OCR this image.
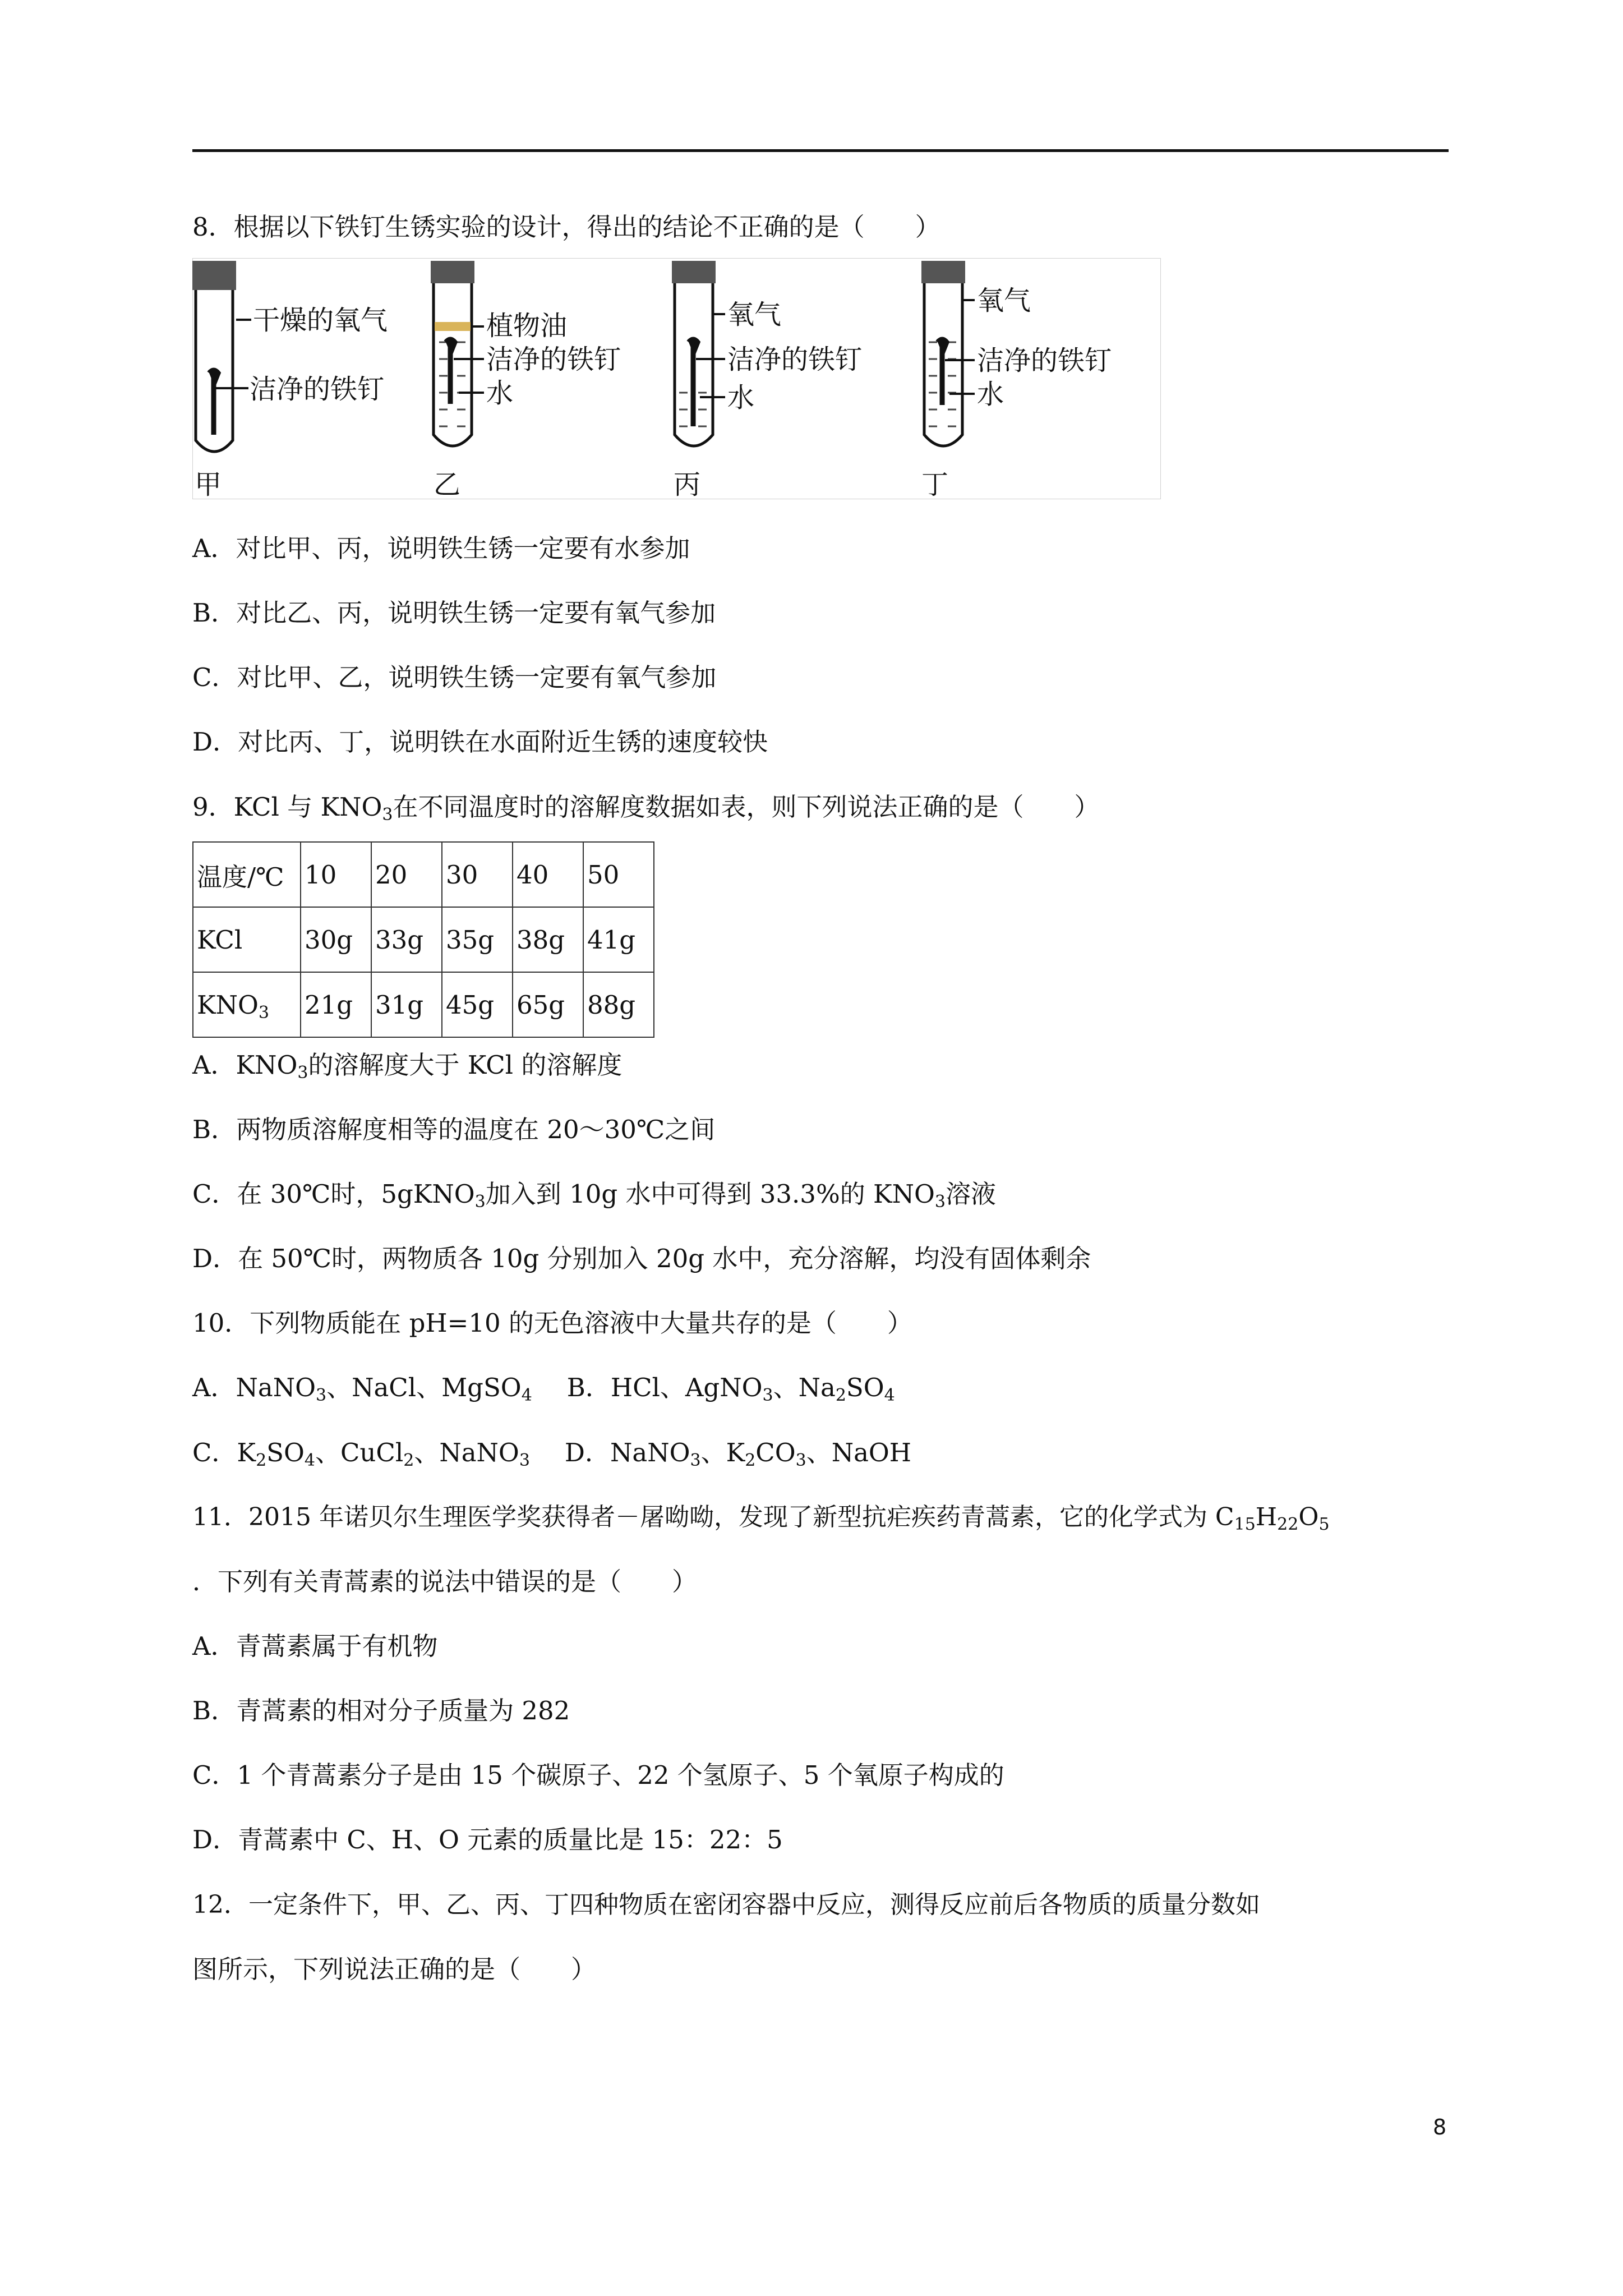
8．根据以下铁钉生锈实验的设计，得出的结论不正确的是（　　）
干燥的氧气
洁净的铁钉
甲
植物油
洁净的铁钉
水
乙
氧气
洁净的铁钉
水
丙
氧气
洁净的铁钉
水
丁
A．对比甲、丙，说明铁生锈一定要有水参加
B．对比乙、丙，说明铁生锈一定要有氧气参加
C．对比甲、乙，说明铁生锈一定要有氧气参加
D．对比丙、丁，说明铁在水面附近生锈的速度较快
9．KCl 与 $KNO_3$在不同温度时的溶解度数据如表，则下列说法正确的是（　　）
温度/℃	10	20	30	40	50
KCl	30g	33g	35g	38g	41g
$KNO_3$	21g	31g	45g	65g	88g
A．$KNO_3$的溶解度大于 KCl 的溶解度
B．两物质溶解度相等的温度在 20～30℃之间
C．在 30℃时，5gKNO$_3$加入到 10g 水中可得到 33.3%的 $KNO_3$溶液
D．在 50℃时，两物质各 10g 分别加入 20g 水中，充分溶解，均没有固体剩余
10．下列物质能在 pH=10 的无色溶液中大量共存的是（　　）
A．NaNO$_3$、NaCl、MgSO$_4$ B．HCl、AgNO$_3$、$Na_2SO_4$
C．$K_2SO_4$、CuCl$_2$、NaNO$_3$ D．NaNO$_3$、$K_2CO_3$、NaOH
11．2015 年诺贝尔生理医学奖获得者－屠呦呦，发现了新型抗疟疾药青蒿素，它的化学式为 $C_{15}H_{22}O_5$
．下列有关青蒿素的说法中错误的是（　　）
A．青蒿素属于有机物
B．青蒿素的相对分子质量为 282
C．1 个青蒿素分子是由 15 个碳原子、22 个氢原子、5 个氧原子构成的
D．青蒿素中 C、H、O 元素的质量比是 15：22：5
12．一定条件下，甲、乙、丙、丁四种物质在密闭容器中反应，测得反应前后各物质的质量分数如
图所示，下列说法正确的是（　　）
8
